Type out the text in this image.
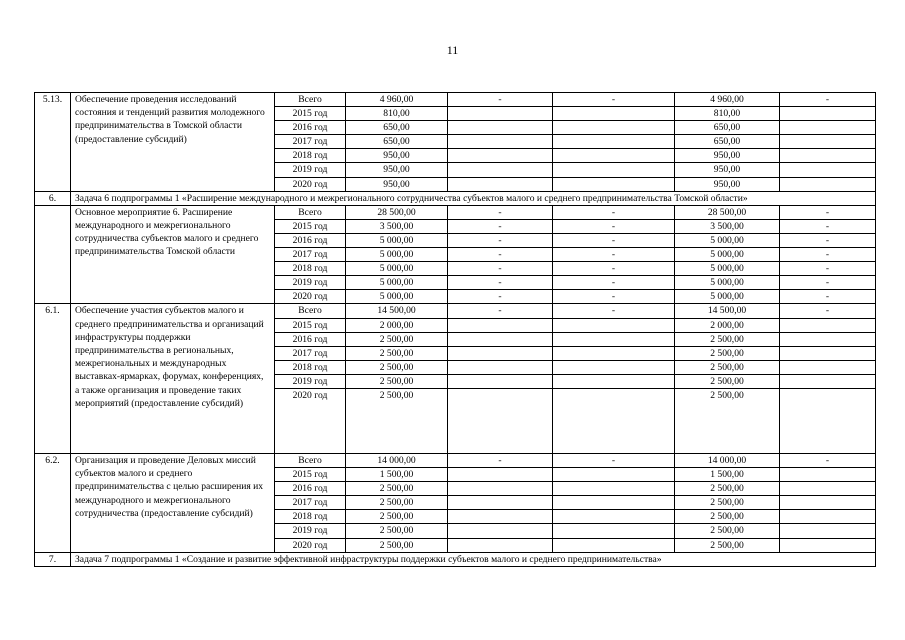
11
5.13.	Обеспечение проведения исследований состояния и тенденций развития молодежного предпринимательства в Томской области (предоставление субсидий)	Всего	4 960,00	-	-	4 960,00	-
		2015 год	810,00			810,00	
		2016 год	650,00			650,00	
		2017 год	650,00			650,00	
		2018 год	950,00			950,00	
		2019 год	950,00			950,00	
		2020 год	950,00			950,00	
6.	Задача 6 подпрограммы 1 «Расширение международного и межрегионального сотрудничества субъектов малого и среднего предпринимательства Томской области»						
	Основное мероприятие 6. Расширение международного и межрегионального сотрудничества субъектов малого и среднего предпринимательства Томской области	Всего	28 500,00	-	-	28 500,00	-
		2015 год	3 500,00	-	-	3 500,00	-
		2016 год	5 000,00	-	-	5 000,00	-
		2017 год	5 000,00	-	-	5 000,00	-
		2018 год	5 000,00	-	-	5 000,00	-
		2019 год	5 000,00	-	-	5 000,00	-
		2020 год	5 000,00	-	-	5 000,00	-
6.1.	Обеспечение участия субъектов малого и среднего предпринимательства и организаций инфраструктуры поддержки предпринимательства в региональных, межрегиональных и международных выставках-ярмарках, форумах, конференциях, а также организация и проведение таких мероприятий (предоставление субсидий)	Всего	14 500,00	-	-	14 500,00	-
		2015 год	2 000,00			2 000,00	
		2016 год	2 500,00			2 500,00	
		2017 год	2 500,00			2 500,00	
		2018 год	2 500,00			2 500,00	
		2019 год	2 500,00			2 500,00	
		2020 год	2 500,00			2 500,00	
6.2.	Организация и проведение Деловых миссий субъектов малого и среднего предпринимательства с целью расширения их международного и межрегионального сотрудничества (предоставление субсидий)	Всего	14 000,00	-	-	14 000,00	-
		2015 год	1 500,00			1 500,00	
		2016 год	2 500,00			2 500,00	
		2017 год	2 500,00			2 500,00	
		2018 год	2 500,00			2 500,00	
		2019 год	2 500,00			2 500,00	
		2020 год	2 500,00			2 500,00	
7.	Задача 7 подпрограммы 1 «Создание и развитие эффективной инфраструктуры поддержки субъектов малого и среднего предпринимательства»						
